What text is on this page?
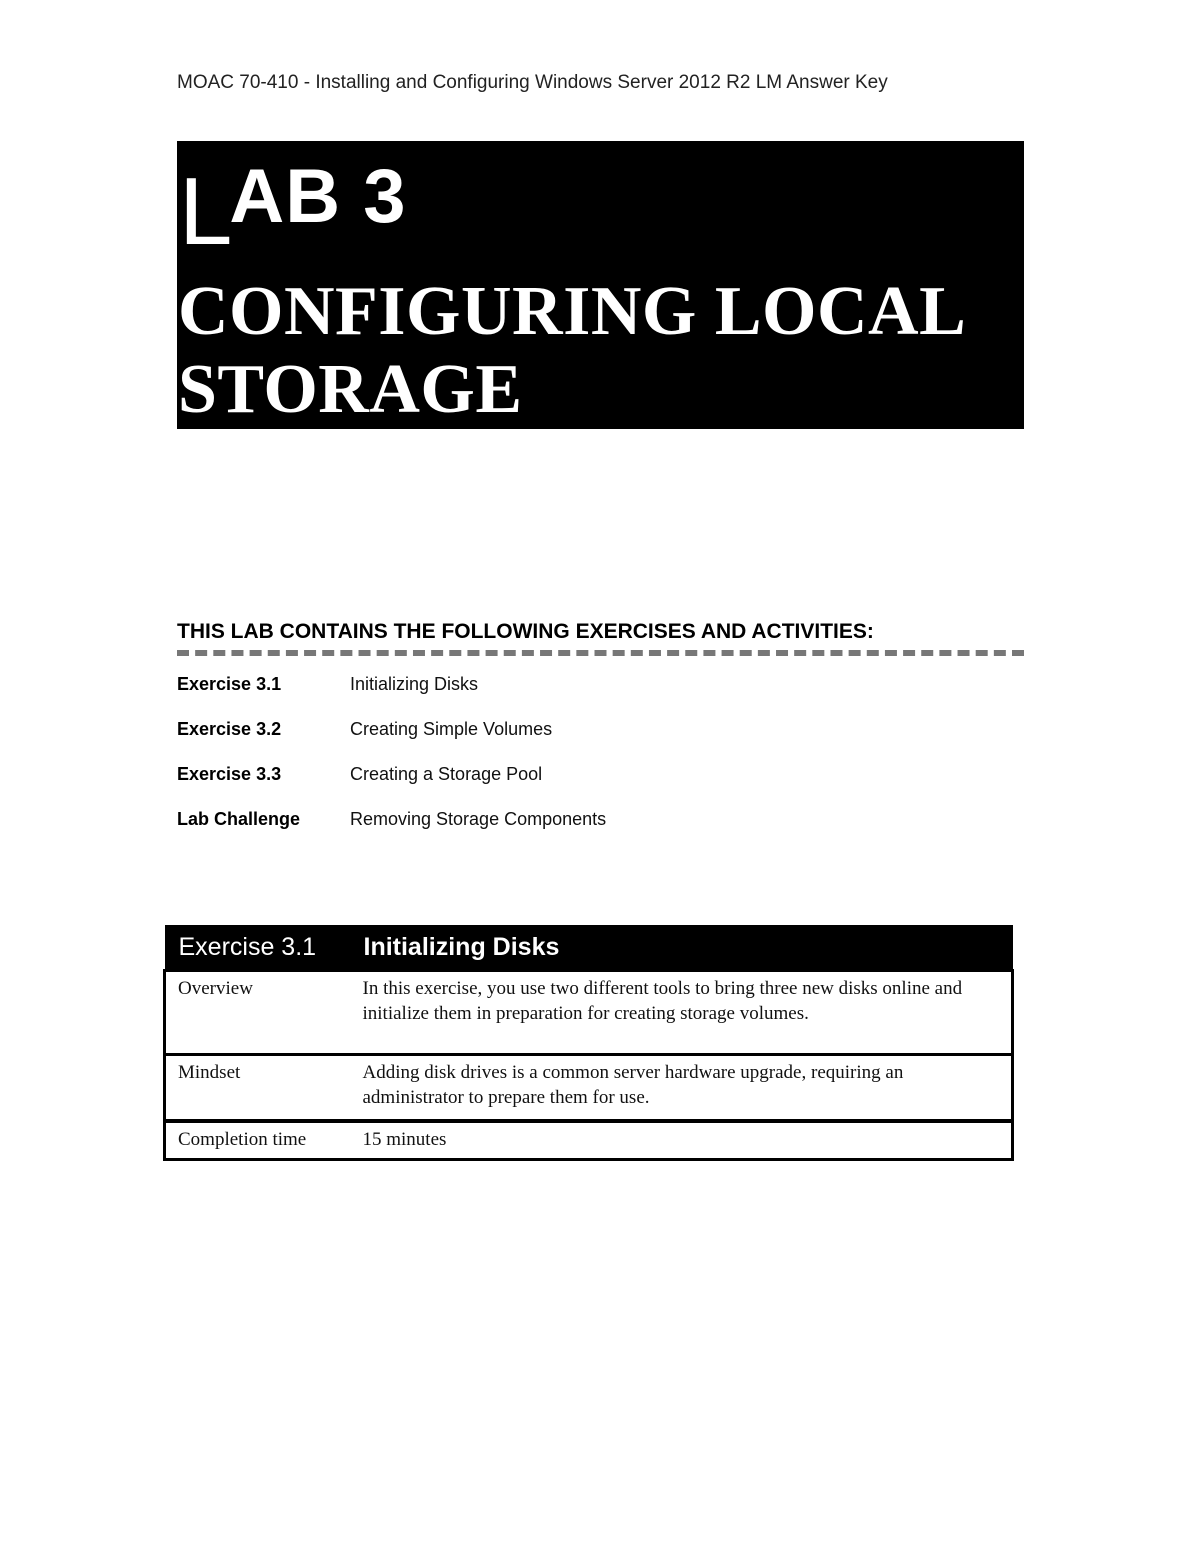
MOAC 70-410 - Installing and Configuring Windows Server 2012 R2 LM Answer Key
LAB 3
CONFIGURING LOCAL
STORAGE
THIS LAB CONTAINS THE FOLLOWING EXERCISES AND ACTIVITIES:
Exercise 3.1	Initializing Disks
Exercise 3.2	Creating Simple Volumes
Exercise 3.3	Creating a Storage Pool
Lab Challenge	Removing Storage Components
Exercise 3.1	Initializing Disks
Overview	In this exercise, you use two different tools to bring three new disks online and initialize them in preparation for creating storage volumes.
Mindset	Adding disk drives is a common server hardware upgrade, requiring an administrator to prepare them for use.
Completion time	15 minutes
